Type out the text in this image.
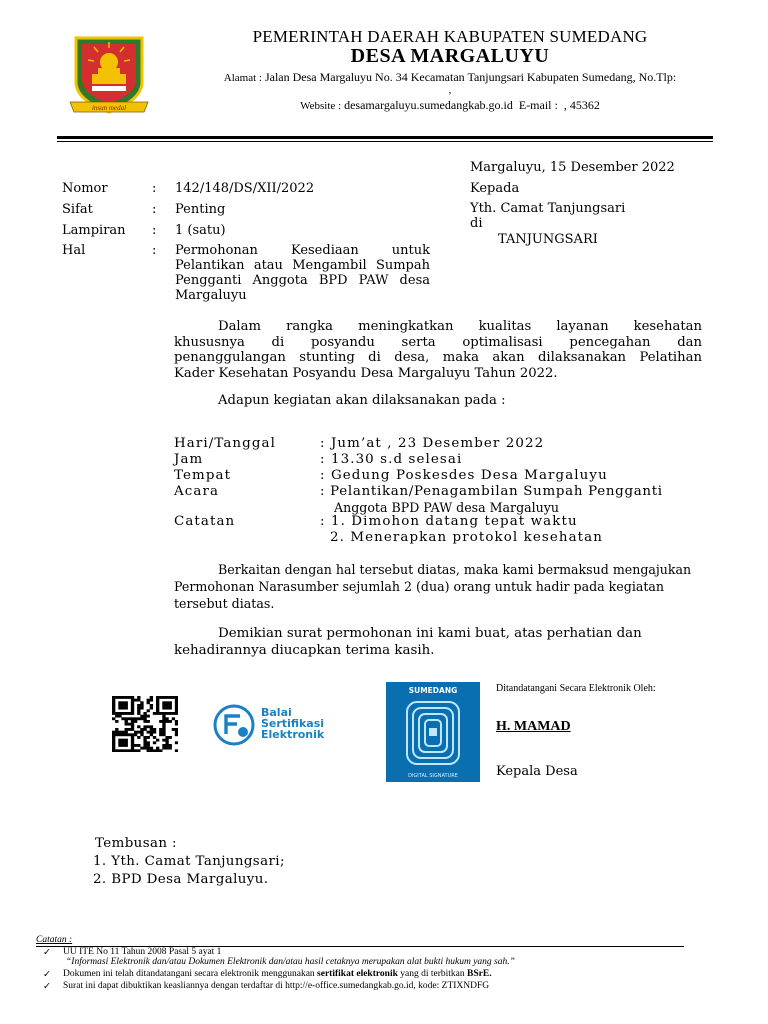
insun medal
PEMERINTAH DAERAH KABUPATEN SUMEDANG
DESA MARGALUYU
Alamat : Jalan Desa Margaluyu No. 34 Kecamatan Tanjungsari Kabupaten Sumedang, No.Tlp:
,
Website : desamargaluyu.sumedangkab.go.id E-mail : , 45362
Margaluyu, 15 Desember 2022
Kepada
Yth. Camat Tanjungsari
di
TANJUNGSARI
Nomor	: 142/148/DS/XII/2022
Sifat	: Penting
Lampiran : 1 (satu)
Hal	: Permohonan Kesediaan untuk
Pelantikan atau Mengambil Sumpah
Pengganti Anggota BPD PAW desa
Margaluyu
Dalam rangka meningkatkan kualitas layanan kesehatan
khususnya di posyandu serta optimalisasi pencegahan dan
penanggulangan stunting di desa, maka akan dilaksanakan Pelatihan
Kader Kesehatan Posyandu Desa Margaluyu Tahun 2022.
Adapun kegiatan akan dilaksanakan pada :
Hari/Tanggal	: Jum’at , 23 Desember 2022
Jam	: 13.30 s.d selesai
Tempat	: Gedung Poskesdes Desa Margaluyu
Acara	: Pelantikan/Penagambilan Sumpah Pengganti
Anggota BPD PAW desa Margaluyu
Catatan	: 1. Dimohon datang tepat waktu
2. Menerapkan protokol kesehatan
Berkaitan dengan hal tersebut diatas, maka kami bermaksud mengajukan
Permohonan Narasumber sejumlah 2 (dua) orang untuk hadir pada kegiatan
tersebut diatas.
Demikian surat permohonan ini kami buat, atas perhatian dan
kehadirannya diucapkan terima kasih.
Balai
Sertifikasi
Elektronik
SUMEDANG
DIGITAL SIGNATURE
Ditandatangani Secara Elektronik Oleh:
H. MAMAD
Kepala Desa
Tembusan :
1. Yth. Camat Tanjungsari;
2. BPD Desa Margaluyu.
Catatan :
✓ UU ITE No 11 Tahun 2008 Pasal 5 ayat 1
“Informasi Elektronik dan/atau Dokumen Elektronik dan/atau hasil cetaknya merupakan alat bukti hukum yang sah.”
✓ Dokumen ini telah ditandatangani secara elektronik menggunakan sertifikat elektronik yang di terbitkan BSrE.
✓ Surat ini dapat dibuktikan keasliannya dengan terdaftar di http://e-office.sumedangkab.go.id, kode: ZTIXNDFG
